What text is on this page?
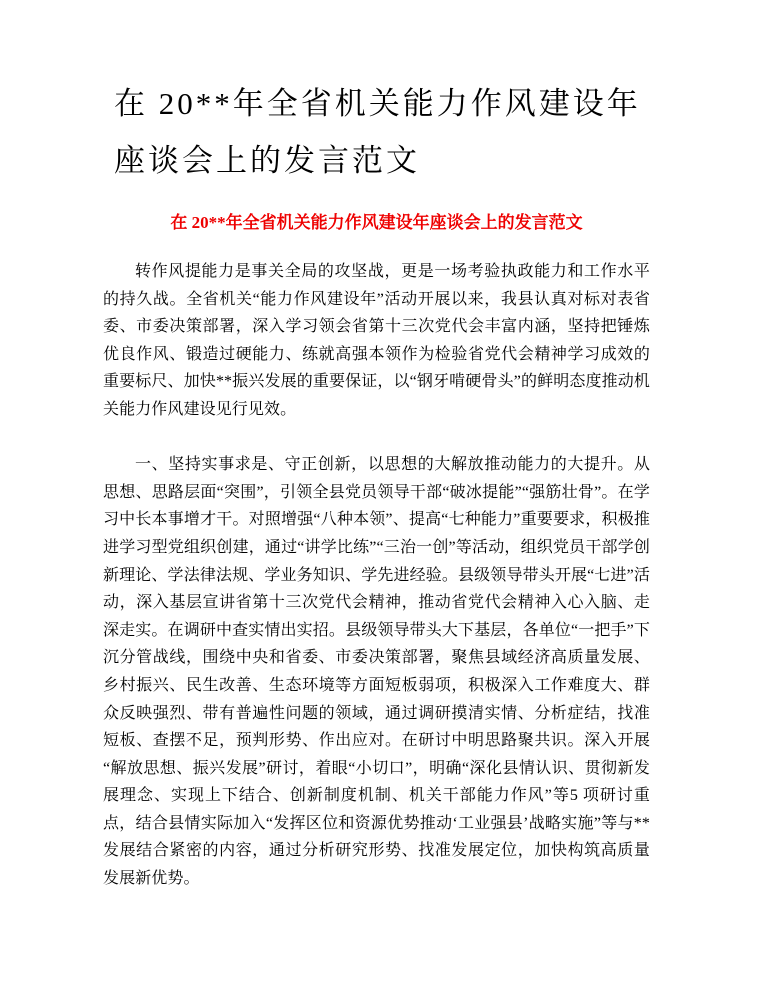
在 20**年全省机关能力作风建设年座谈会上的发言范文
在 20**年全省机关能力作风建设年座谈会上的发言范文

转作风提能力是事关全局的攻坚战，更是一场考验执政能力和工作水平的持久战。全省机关“能力作风建设年”活动开展以来，我县认真对标对表省委、市委决策部署，深入学习领会省第十三次党代会丰富内涵，坚持把锤炼优良作风、锻造过硬能力、练就高强本领作为检验省党代会精神学习成效的重要标尺、加快**振兴发展的重要保证，以“钢牙啃硬骨头”的鲜明态度推动机关能力作风建设见行见效。

一、坚持实事求是、守正创新，以思想的大解放推动能力的大提升。从思想、思路层面“突围”，引领全县党员领导干部“破冰提能”“强筋壮骨”。在学习中长本事增才干。对照增强“八种本领”、提高“七种能力”重要要求，积极推进学习型党组织创建，通过“讲学比练”“三治一创”等活动，组织党员干部学创新理论、学法律法规、学业务知识、学先进经验。县级领导带头开展“七进”活动，深入基层宣讲省第十三次党代会精神，推动省党代会精神入心入脑、走深走实。在调研中查实情出实招。县级领导带头大下基层，各单位“一把手”下沉分管战线，围绕中央和省委、市委决策部署，聚焦县域经济高质量发展、乡村振兴、民生改善、生态环境等方面短板弱项，积极深入工作难度大、群众反映强烈、带有普遍性问题的领域，通过调研摸清实情、分析症结，找准短板、查摆不足，预判形势、作出应对。在研讨中明思路聚共识。深入开展“解放思想、振兴发展”研讨，着眼“小切口”，明确“深化县情认识、贯彻新发展理念、实现上下结合、创新制度机制、机关干部能力作风”等5 项研讨重点，结合县情实际加入“发挥区位和资源优势推动‘工业强县’战略实施”等与**发展结合紧密的内容，通过分析研究形势、找准发展定位，加快构筑高质量发展新优势。
